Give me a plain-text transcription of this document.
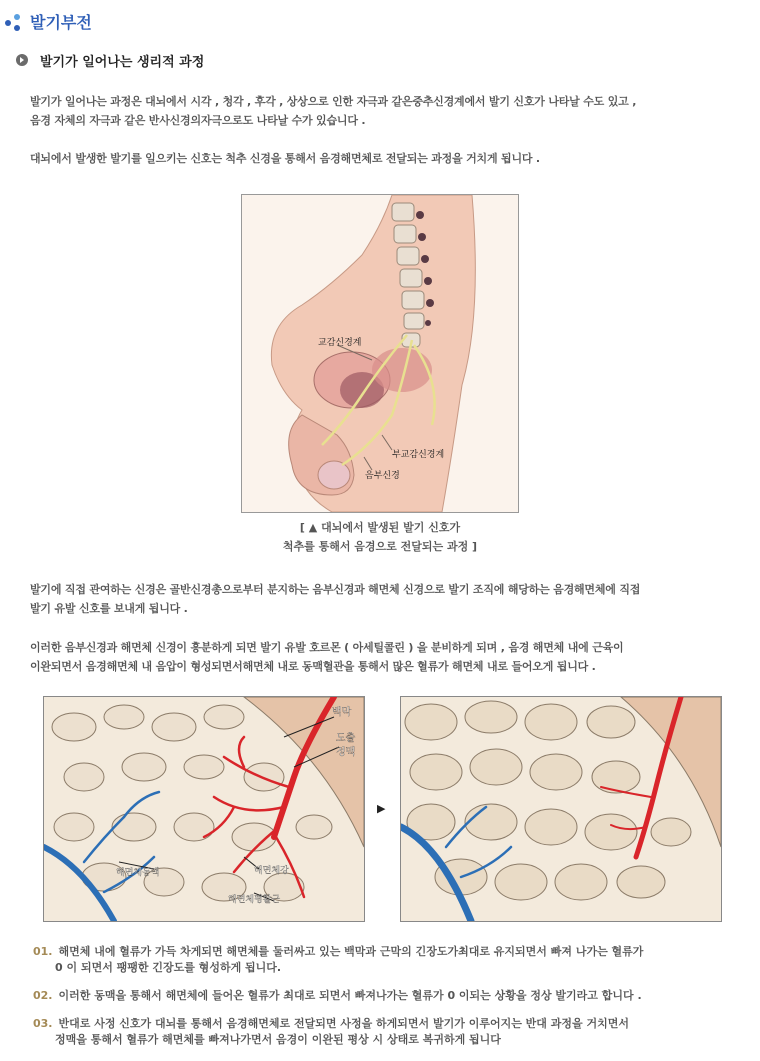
발기부전
발기가 일어나는 생리적 과정

발기가 일어나는 과정은 대뇌에서 시각 , 청각 , 후각 , 상상으로 인한 자극과 같은중추신경계에서 발기 신호가 나타날 수도 있고 ,

음경 자체의 자극과 같은 반사신경의자극으로도 나타날 수가 있습니다 .

대뇌에서 발생한 발기를 일으키는 신호는 척추 신경을 통해서 음경해면체로 전달되는 과정을 거치게 됩니다 .

교감신경계
부교감신경계
음부신경
[ ▲ 대뇌에서 발생된 발기 신호가
척추를 통해서 음경으로 전달되는 과정 ]

발기에 직접 관여하는 신경은 골반신경총으로부터 분지하는 음부신경과 해면체 신경으로 발기 조직에 해당하는 음경해면체에 직접

발기 유발 신호를 보내게 됩니다 .

이러한 음부신경과 해면체 신경이 흥분하게 되면 발기 유발 호르몬 ( 아세틸콜린 ) 을 분비하게 되며 , 음경 해면체 내에 근육이

이완되면서 음경해면체 내 음압이 형성되면서해면체 내로 동맥혈관을 통해서 많은 혈류가 해면체 내로 들어오게 됩니다 .

백막
도출
정맥
해면체동맥	해면체강
해면체평활근
▶
01. 해면체 내에 혈류가 가득 차게되면 해면체를 둘러싸고 있는 백막과 근막의 긴장도가최대로 유지되면서 빠져 나가는 혈류가
0 이 되면서 팽팽한 긴장도를 형성하게 됩니다.
02. 이러한 동맥을 통해서 해면체에 들어온 혈류가 최대로 되면서 빠져나가는 혈류가 0 이되는 상황을 정상 발기라고 합니다 .
03. 반대로 사정 신호가 대뇌를 통해서 음경해면체로 전달되면 사정을 하게되면서 발기가 이루어지는 반대 과정을 거치면서
정맥을 통해서 혈류가 해면체를 빠져나가면서 음경이 이완된 평상 시 상태로 복귀하게 됩니다
